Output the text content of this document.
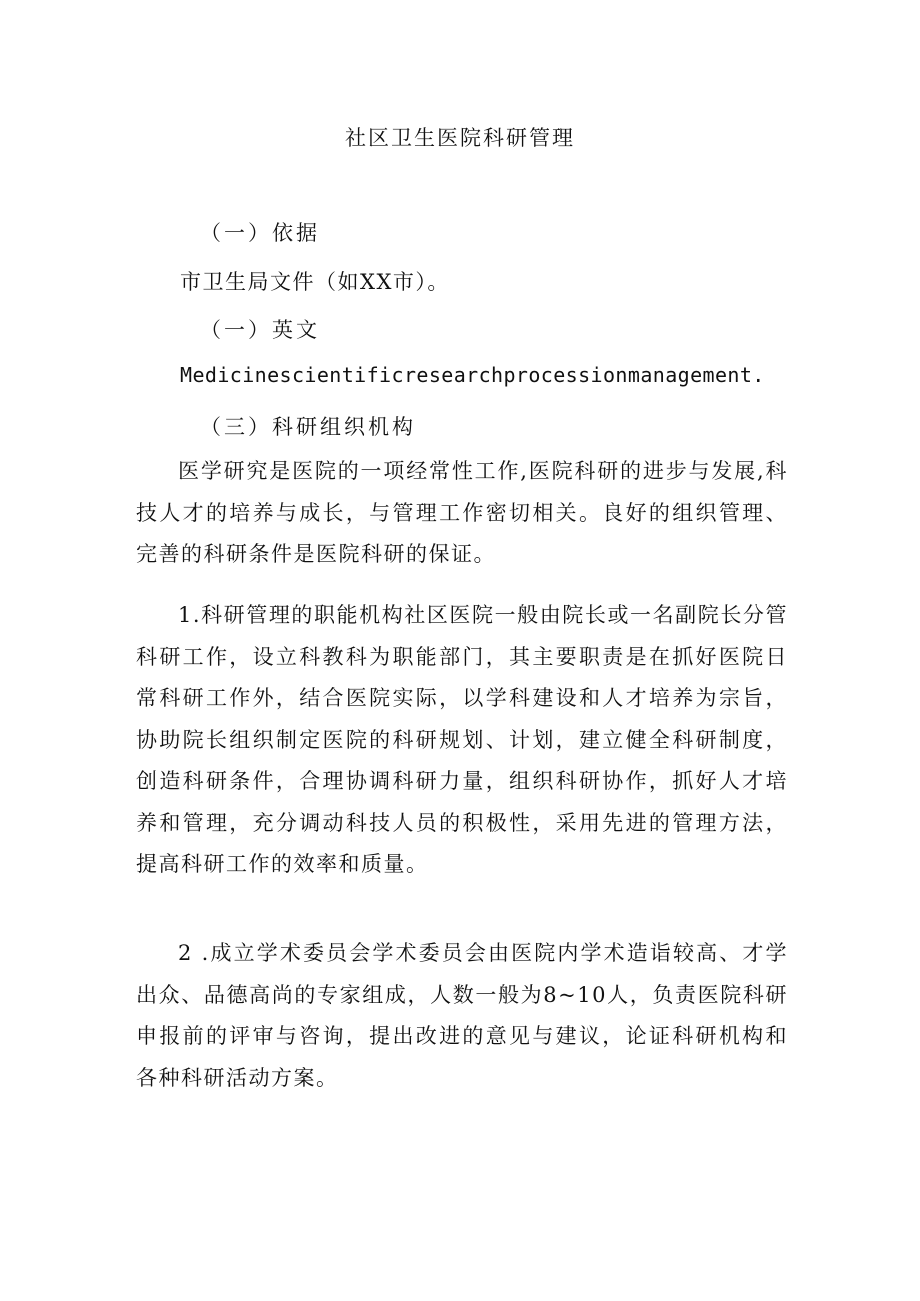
社区卫生医院科研管理
（一）依据
市卫生局文件（如XX市）。
（一）英文
Medicinescientificresearchprocessionmanagement.
（三）科研组织机构
医学研究是医院的一项经常性工作,医院科研的进步与发展,科技人才的培养与成长，与管理工作密切相关。良好的组织管理、完善的科研条件是医院科研的保证。
1.科研管理的职能机构社区医院一般由院长或一名副院长分管科研工作，设立科教科为职能部门，其主要职责是在抓好医院日常科研工作外，结合医院实际，以学科建设和人才培养为宗旨，协助院长组织制定医院的科研规划、计划，建立健全科研制度，创造科研条件，合理协调科研力量，组织科研协作，抓好人才培养和管理，充分调动科技人员的积极性，采用先进的管理方法，提高科研工作的效率和质量。
2 .成立学术委员会学术委员会由医院内学术造诣较高、才学出众、品德高尚的专家组成，人数一般为8~10人，负责医院科研申报前的评审与咨询，提出改进的意见与建议，论证科研机构和各种科研活动方案。
